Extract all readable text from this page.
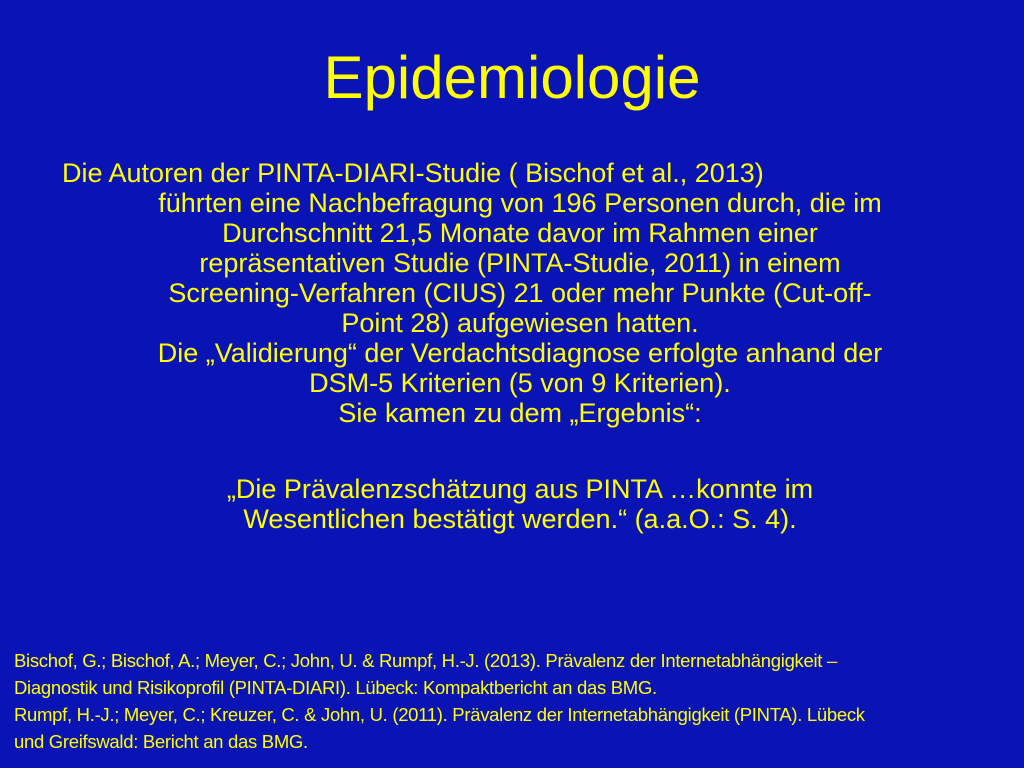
Epidemiologie
Die Autoren der PINTA-DIARI-Studie ( Bischof et al., 2013)
führten eine Nachbefragung von 196 Personen durch, die im
Durchschnitt 21,5 Monate davor im Rahmen einer
repräsentativen Studie (PINTA-Studie, 2011) in einem
Screening-Verfahren (CIUS) 21 oder mehr Punkte (Cut-off-
Point 28) aufgewiesen hatten.
Die „Validierung“ der Verdachtsdiagnose erfolgte anhand der
DSM-5 Kriterien (5 von 9 Kriterien).
Sie kamen zu dem „Ergebnis“:
„Die Prävalenzschätzung aus PINTA …konnte im
Wesentlichen bestätigt werden.“ (a.a.O.: S. 4).
Bischof, G.; Bischof, A.; Meyer, C.; John, U. & Rumpf, H.-J. (2013). Prävalenz der Internetabhängigkeit –
Diagnostik und Risikoprofil (PINTA-DIARI). Lübeck: Kompaktbericht an das BMG.
Rumpf, H.-J.; Meyer, C.; Kreuzer, C. & John, U. (2011). Prävalenz der Internetabhängigkeit (PINTA). Lübeck
und Greifswald: Bericht an das BMG.
